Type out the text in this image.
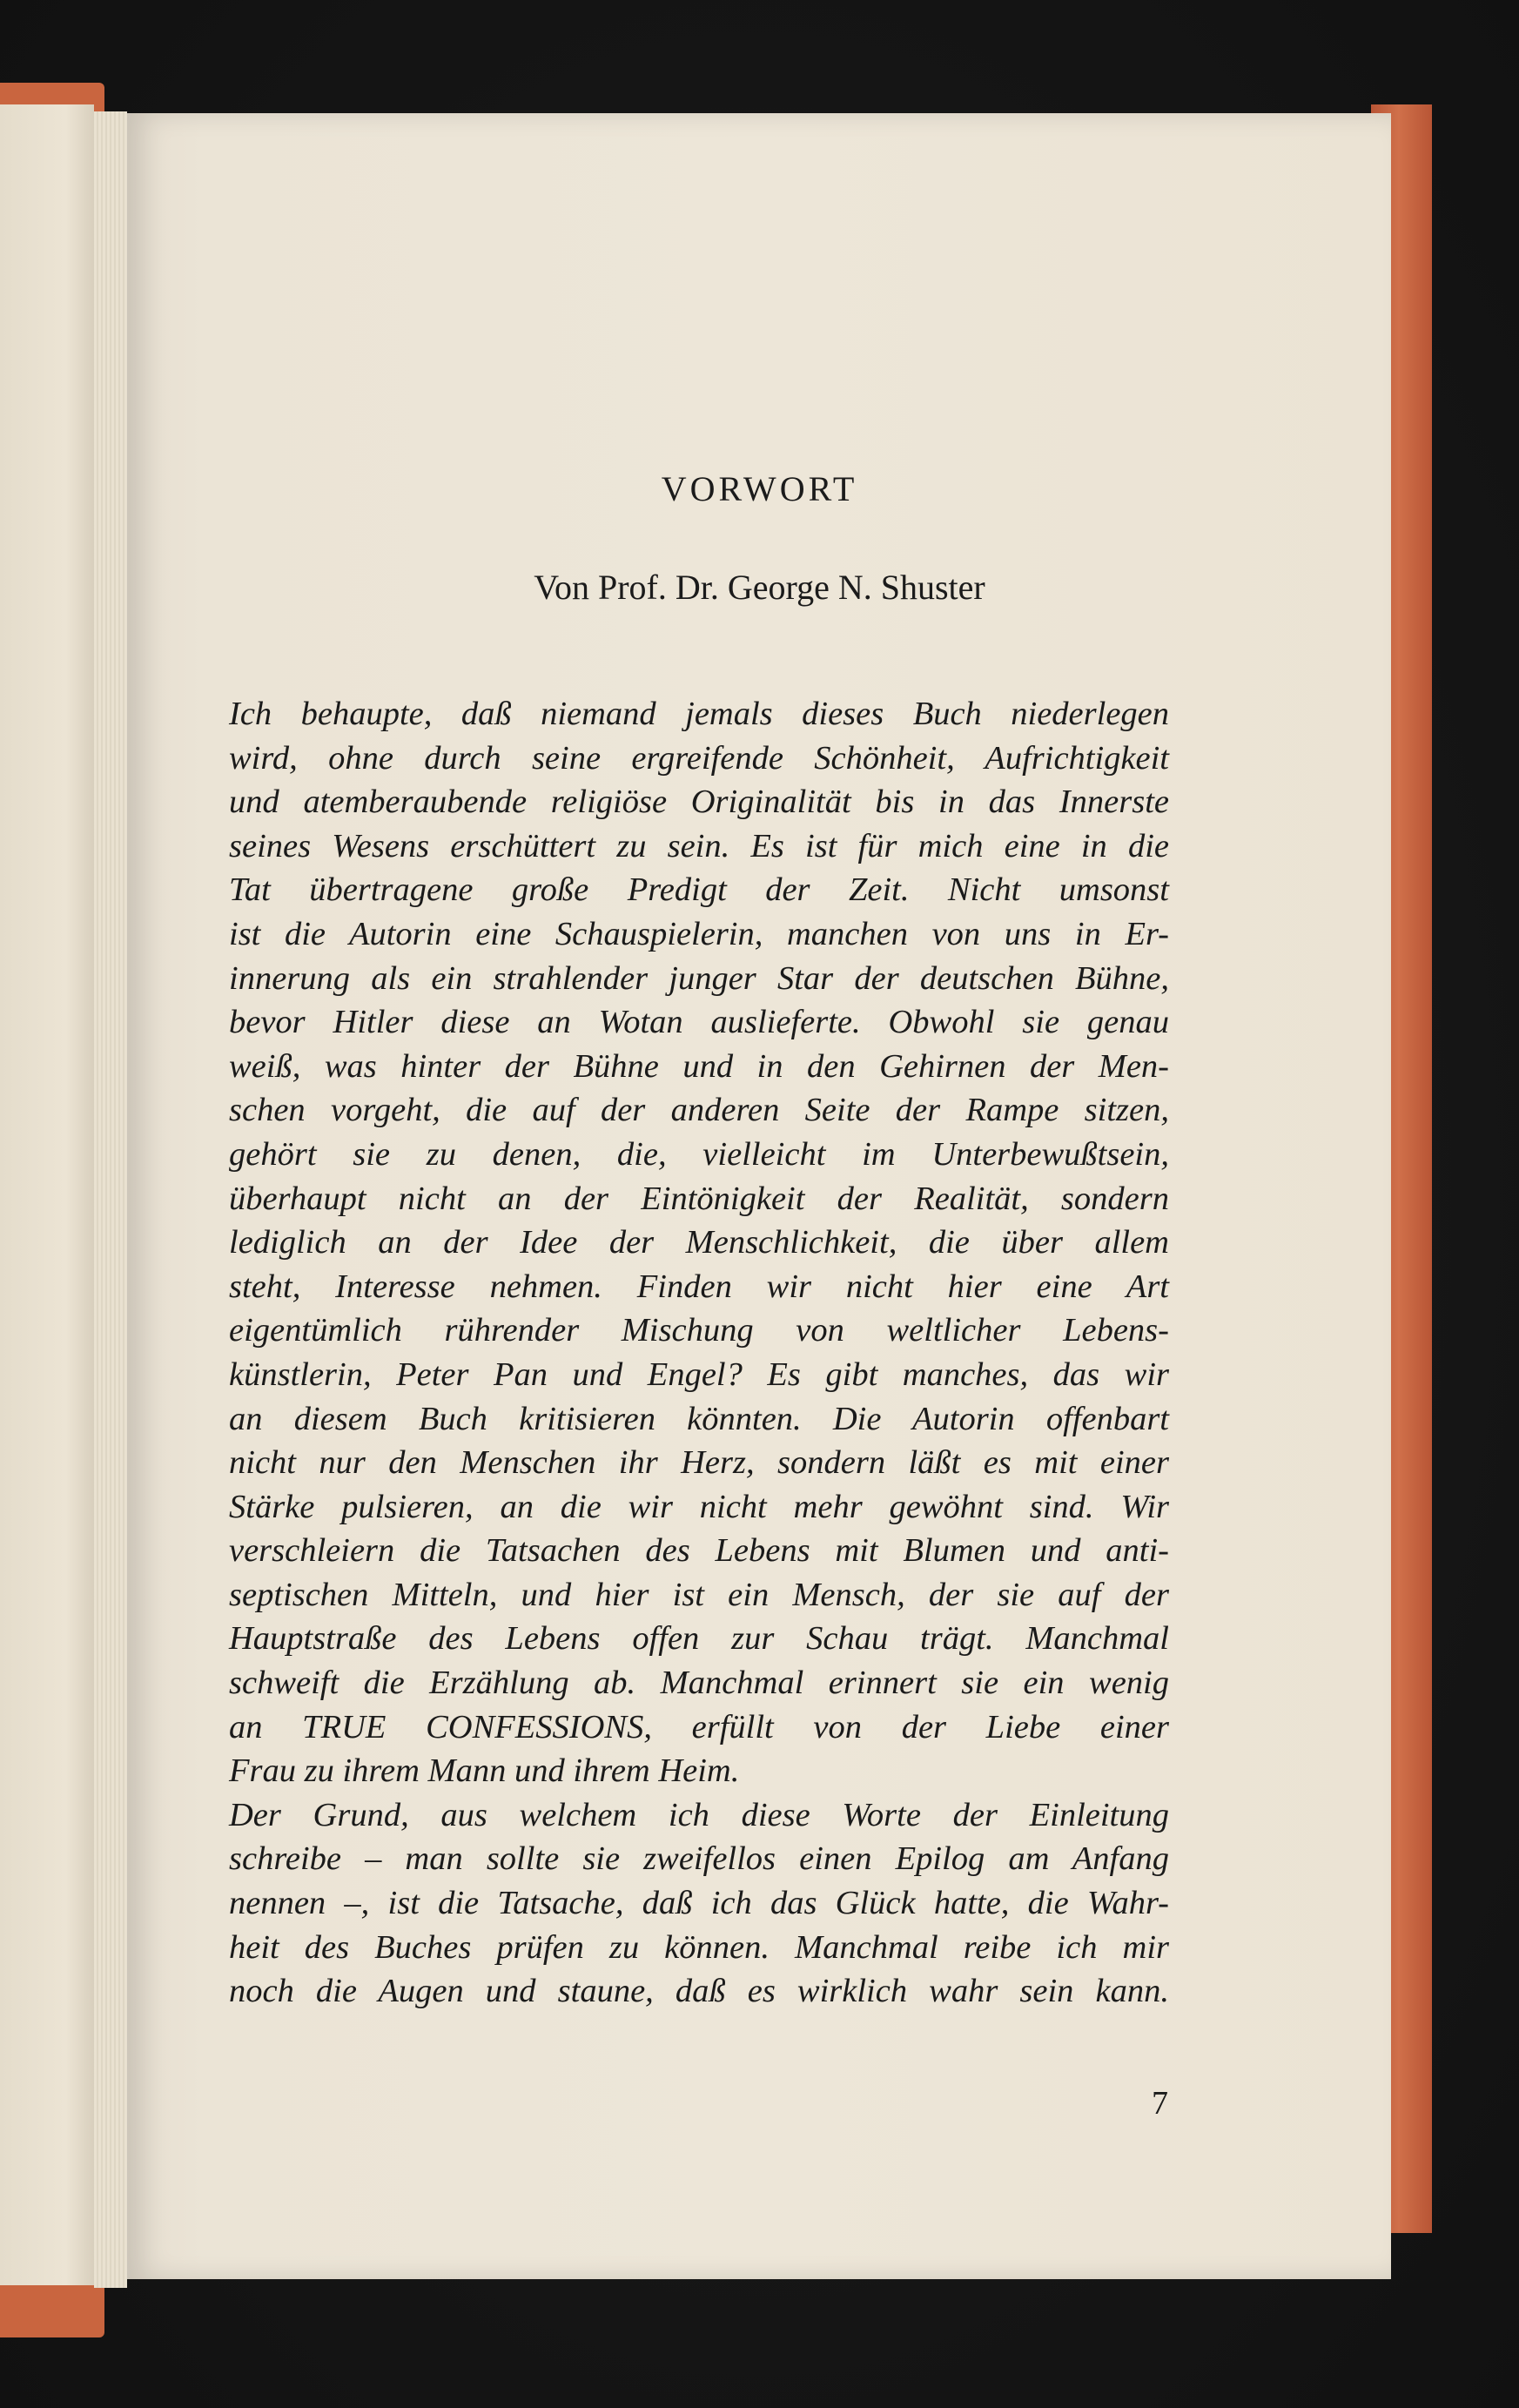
VORWORT
Von Prof. Dr. George N. Shuster
Ich behaupte, daß niemand jemals dieses Buch niederlegen
wird, ohne durch seine ergreifende Schönheit, Aufrichtigkeit
und atemberaubende religiöse Originalität bis in das Innerste
seines Wesens erschüttert zu sein. Es ist für mich eine in die
Tat übertragene große Predigt der Zeit. Nicht umsonst
ist die Autorin eine Schauspielerin, manchen von uns in Er-
innerung als ein strahlender junger Star der deutschen Bühne,
bevor Hitler diese an Wotan auslieferte. Obwohl sie genau
weiß, was hinter der Bühne und in den Gehirnen der Men-
schen vorgeht, die auf der anderen Seite der Rampe sitzen,
gehört sie zu denen, die, vielleicht im Unterbewußtsein,
überhaupt nicht an der Eintönigkeit der Realität, sondern
lediglich an der Idee der Menschlichkeit, die über allem
steht, Interesse nehmen. Finden wir nicht hier eine Art
eigentümlich rührender Mischung von weltlicher Lebens-
künstlerin, Peter Pan und Engel? Es gibt manches, das wir
an diesem Buch kritisieren könnten. Die Autorin offenbart
nicht nur den Menschen ihr Herz, sondern läßt es mit einer
Stärke pulsieren, an die wir nicht mehr gewöhnt sind. Wir
verschleiern die Tatsachen des Lebens mit Blumen und anti-
septischen Mitteln, und hier ist ein Mensch, der sie auf der
Hauptstraße des Lebens offen zur Schau trägt. Manchmal
schweift die Erzählung ab. Manchmal erinnert sie ein wenig
an TRUE CONFESSIONS, erfüllt von der Liebe einer
Frau zu ihrem Mann und ihrem Heim.
Der Grund, aus welchem ich diese Worte der Einleitung
schreibe – man sollte sie zweifellos einen Epilog am Anfang
nennen –, ist die Tatsache, daß ich das Glück hatte, die Wahr-
heit des Buches prüfen zu können. Manchmal reibe ich mir
noch die Augen und staune, daß es wirklich wahr sein kann.
7
